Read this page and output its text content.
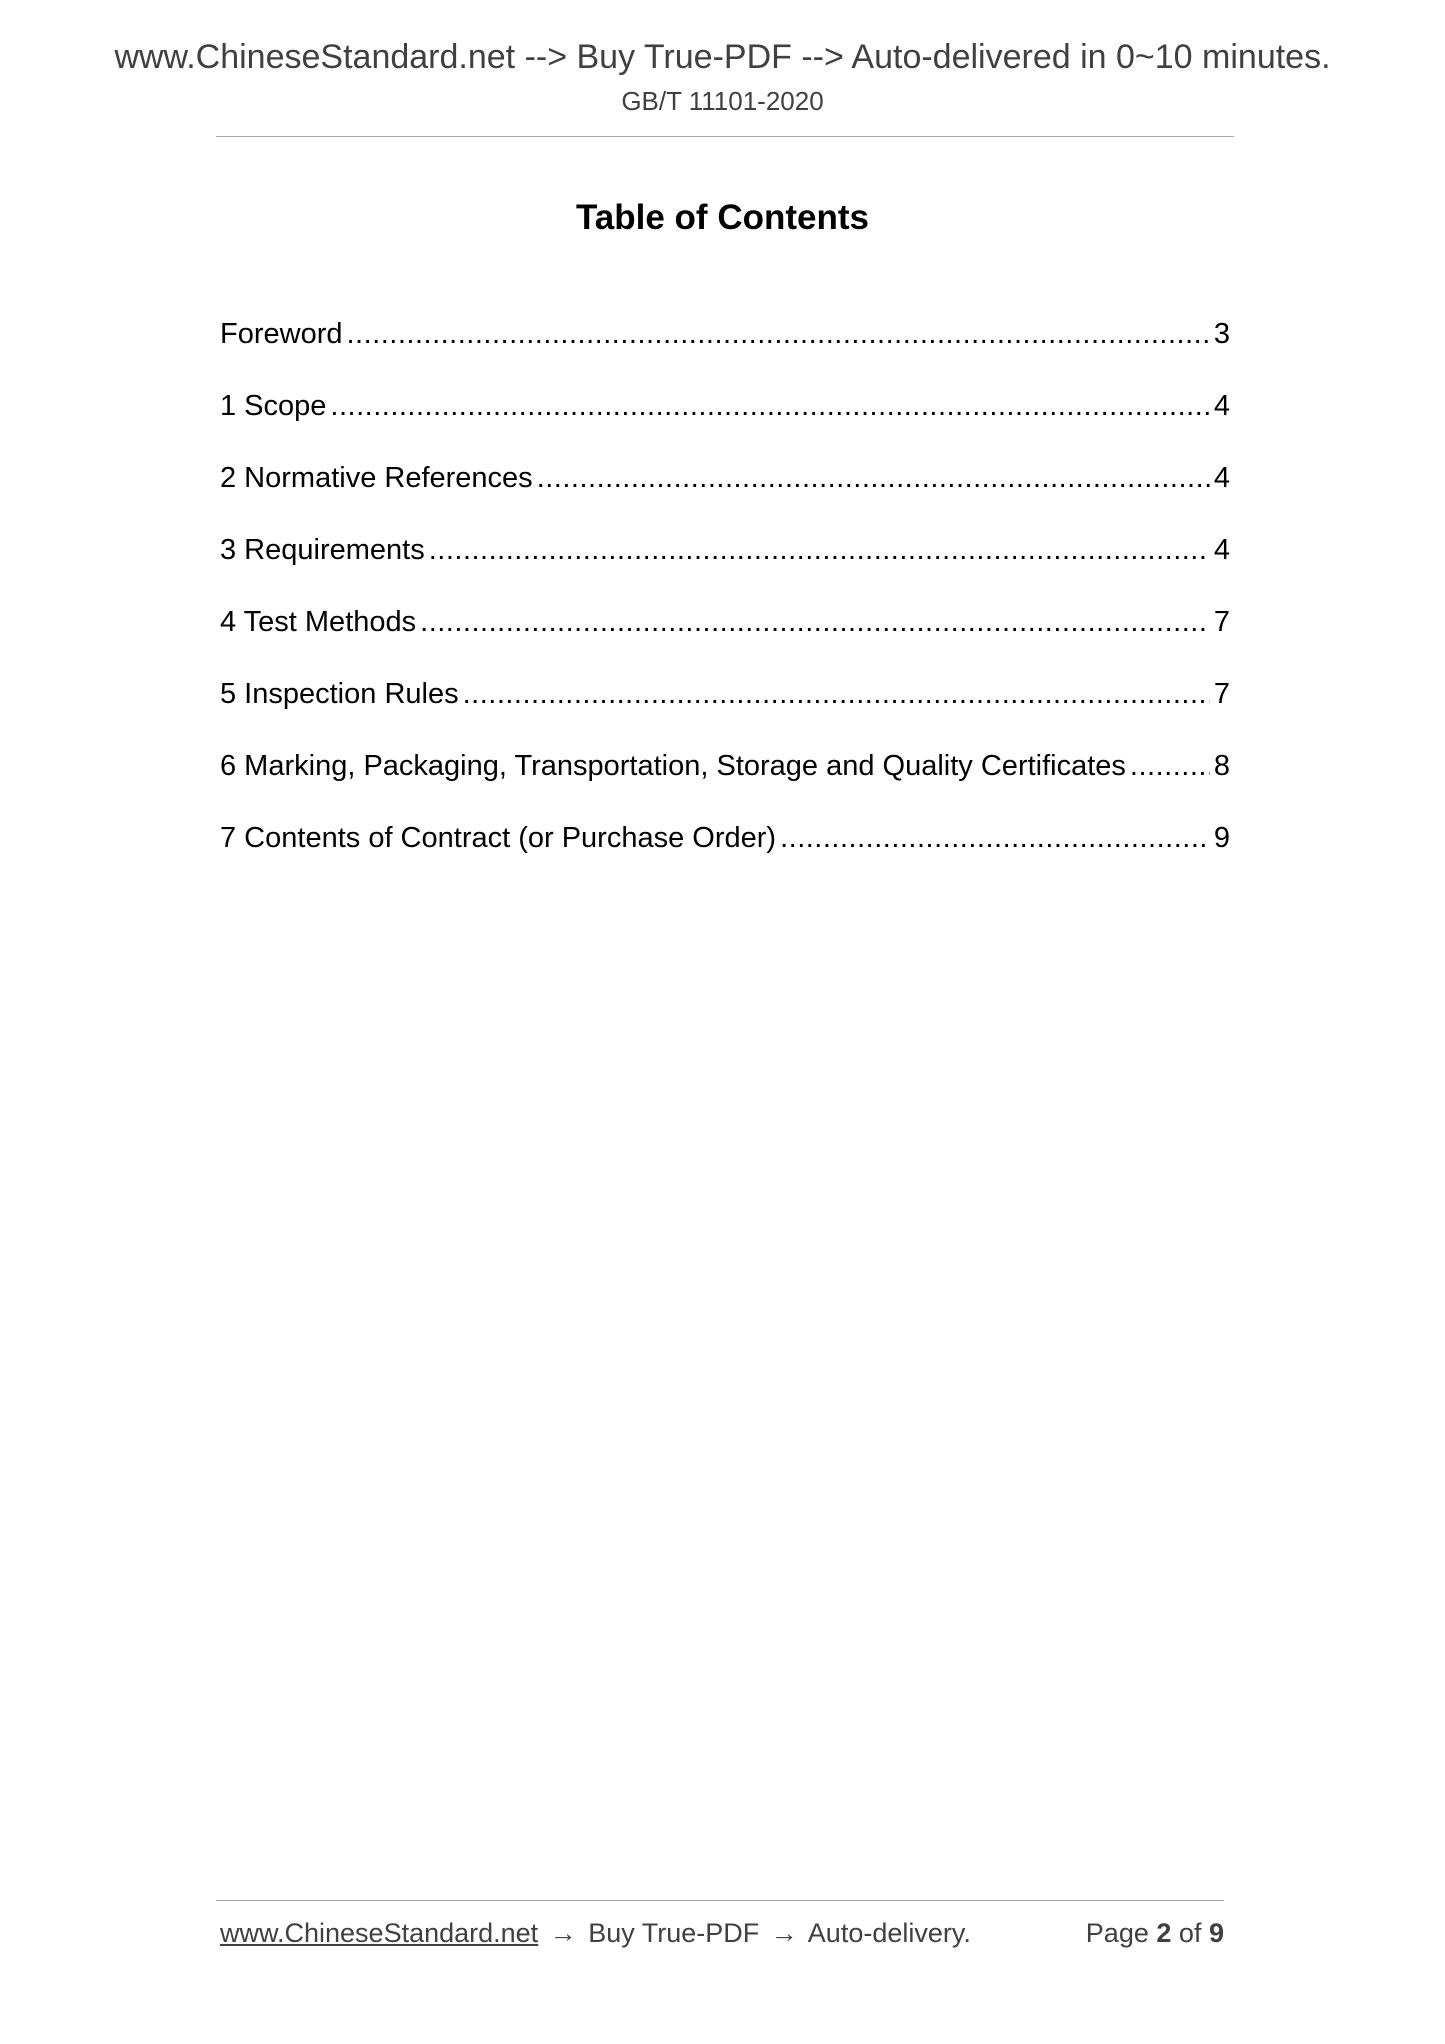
www.ChineseStandard.net --> Buy True-PDF --> Auto-delivered in 0~10 minutes.
GB/T 11101-2020
Table of Contents
Foreword .....	3
1 Scope .....	4
2 Normative References .....	4
3 Requirements .....	4
4 Test Methods .....	7
5 Inspection Rules .....	7
6 Marking, Packaging, Transportation, Storage and Quality Certificates .....	8
7 Contents of Contract (or Purchase Order) .....	9
www.ChineseStandard.net → Buy True-PDF → Auto-delivery.	Page 2 of 9
